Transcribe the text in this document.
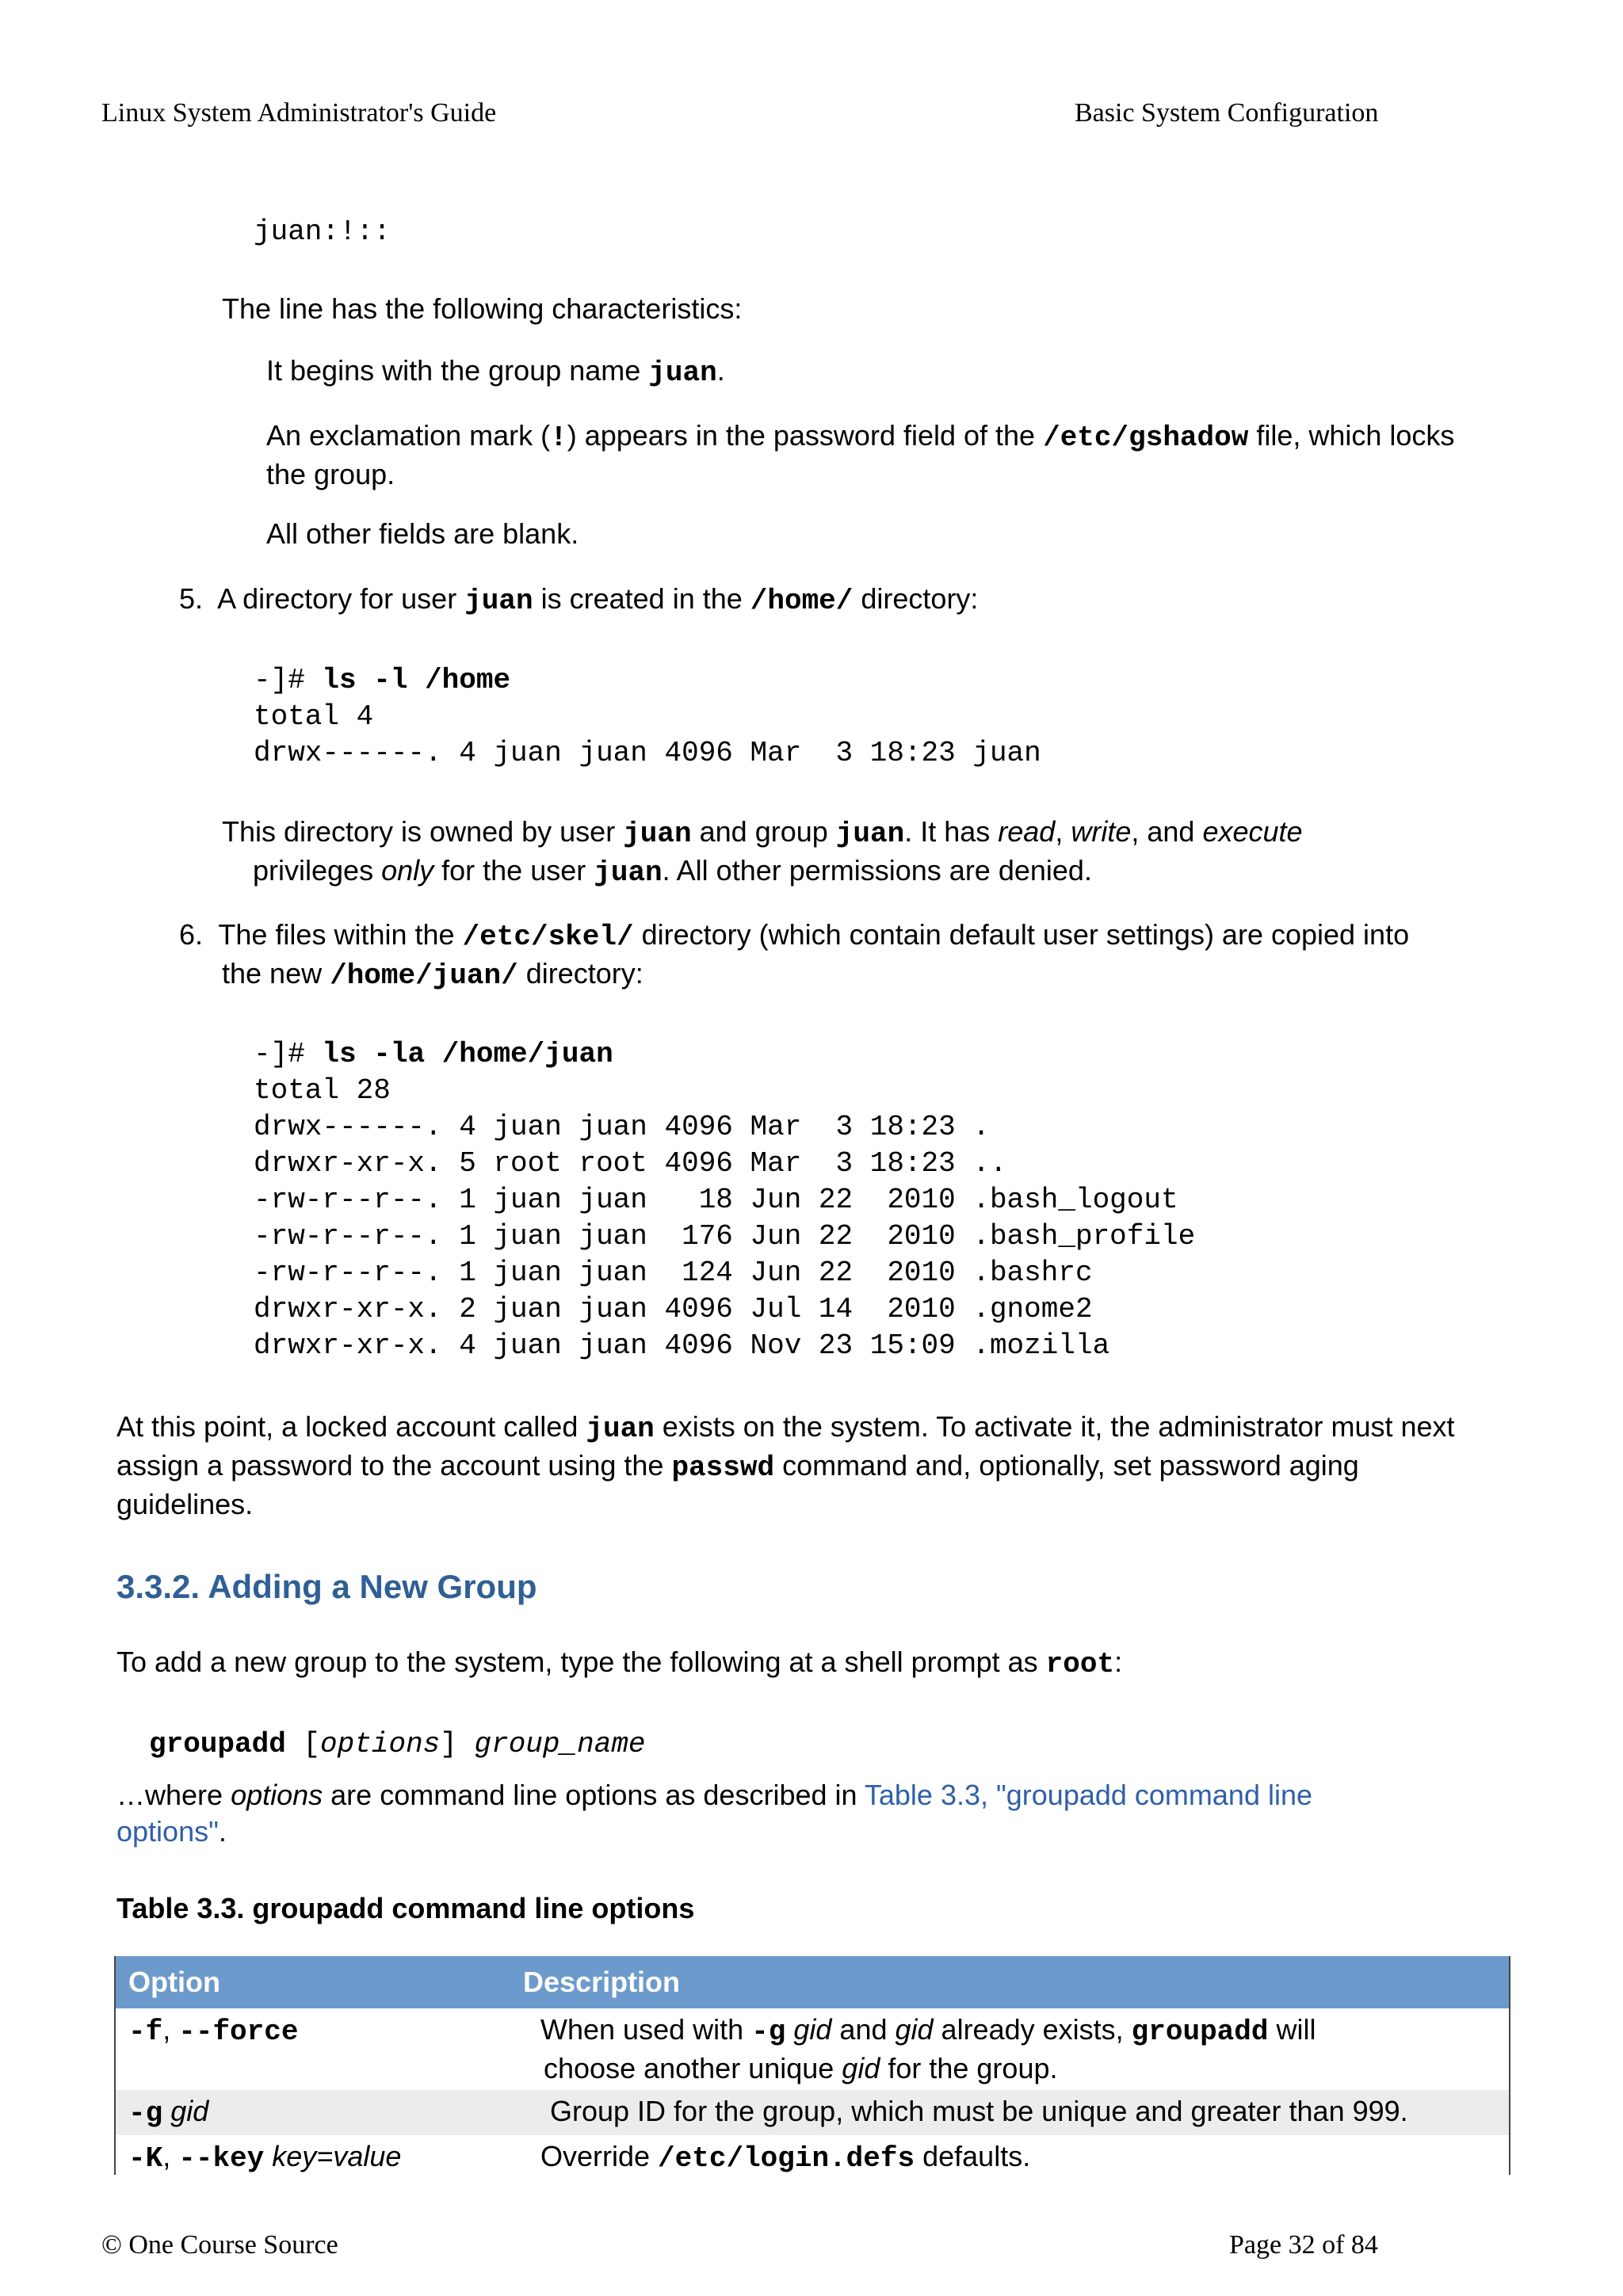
Linux System Administrator's Guide	Basic System Configuration
juan:!::
The line has the following characteristics:
It begins with the group name juan.
An exclamation mark (!) appears in the password field of the /etc/gshadow file, which locks
the group.
All other fields are blank.
5. A directory for user juan is created in the /home/ directory:
-]# ls -l /home
total 4
drwx------. 4 juan juan 4096 Mar  3 18:23 juan
This directory is owned by user juan and group juan. It has read, write, and execute
privileges only for the user juan. All other permissions are denied.
6. The files within the /etc/skel/ directory (which contain default user settings) are copied into
the new /home/juan/ directory:
-]# ls -la /home/juan
total 28
drwx------. 4 juan juan 4096 Mar  3 18:23 .
drwxr-xr-x. 5 root root 4096 Mar  3 18:23 ..
-rw-r--r--. 1 juan juan   18 Jun 22  2010 .bash_logout
-rw-r--r--. 1 juan juan  176 Jun 22  2010 .bash_profile
-rw-r--r--. 1 juan juan  124 Jun 22  2010 .bashrc
drwxr-xr-x. 2 juan juan 4096 Jul 14  2010 .gnome2
drwxr-xr-x. 4 juan juan 4096 Nov 23 15:09 .mozilla
At this point, a locked account called juan exists on the system. To activate it, the administrator must next
assign a password to the account using the passwd command and, optionally, set password aging
guidelines.
3.3.2. Adding a New Group
To add a new group to the system, type the following at a shell prompt as root:
groupadd [options] group_name
…where options are command line options as described in Table 3.3, "groupadd command line
options".
Table 3.3. groupadd command line options
Option	Description
-f, --force	When used with -g gid and gid already exists, groupadd will
choose another unique gid for the group.

-g gid	Group ID for the group, which must be unique and greater than 999.
-K, --key key=value	Override /etc/login.defs defaults.
© One Course Source	Page 32 of 84
